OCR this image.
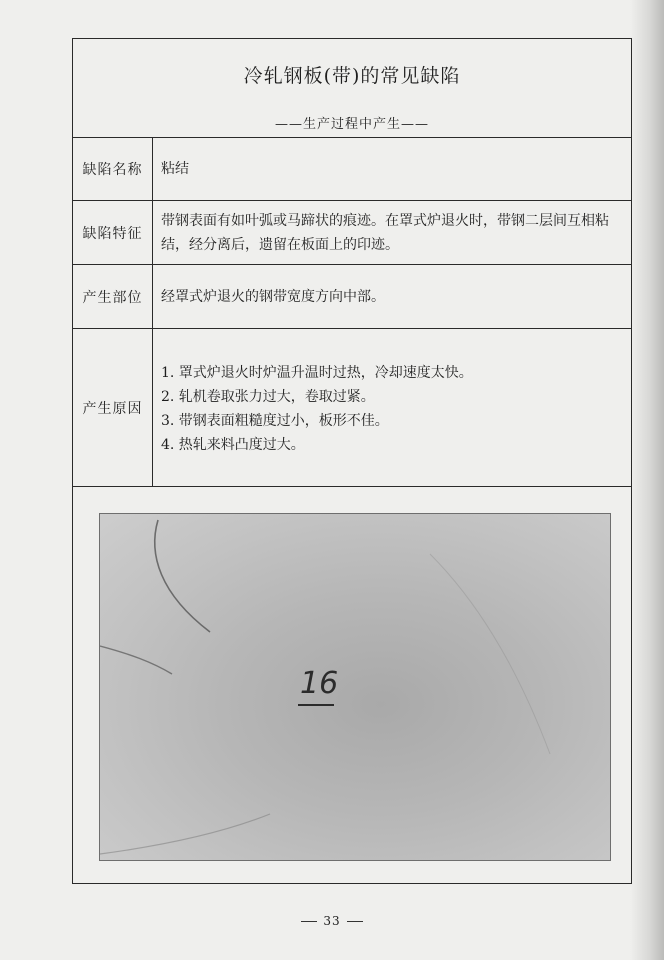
冷轧钢板(带)的常见缺陷
——生产过程中产生——
缺陷名称	粘结
缺陷特征
带钢表面有如叶弧或马蹄状的痕迹。在罩式炉退火时，带钢二层间互相粘结，经分离后，遗留在板面上的印迹。
产生部位	经罩式炉退火的钢带宽度方向中部。
产生原因
1. 罩式炉退火时炉温升温时过热，冷却速度太快。
2. 轧机卷取张力过大，卷取过紧。
3. 带钢表面粗糙度过小，板形不佳。
4. 热轧来料凸度过大。
16
33
